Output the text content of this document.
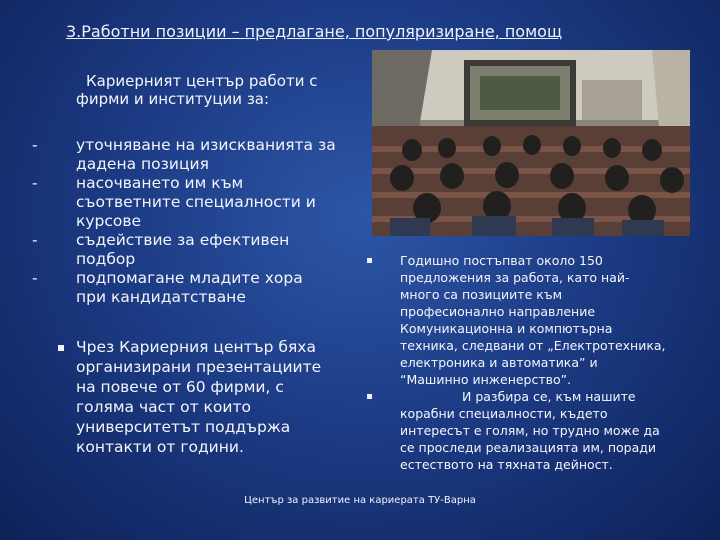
3.Работни позиции – предлагане, популяризиране, помощ
Кариерният център работи с
фирми и институции за:
- уточняване на изискванията за
дадена позиция
- насочването им към
съответните специалности и
курсове
- съдействие за ефективен
подбор
- подпомагане младите хора
при кандидатстване
Чрез Кариерния център бяха
организирани презентациите
на повече от 60 фирми, с
голяма част от които
университетът поддържа
контакти от години.
Годишно постъпват около 150
предложения за работа, като най-
много са позициите към
професионално направление
Комуникационна и компютърна
техника, следвани от „Електротехника,
електроника и автоматика” и
“Машинно инженерство”.
И разбира се, към нашите
корабни специалности, където
интересът е голям, но трудно може да
се проследи реализацията им, поради
естеството на тяхната дейност.
Център за развитие на кариерата ТУ-Варна
